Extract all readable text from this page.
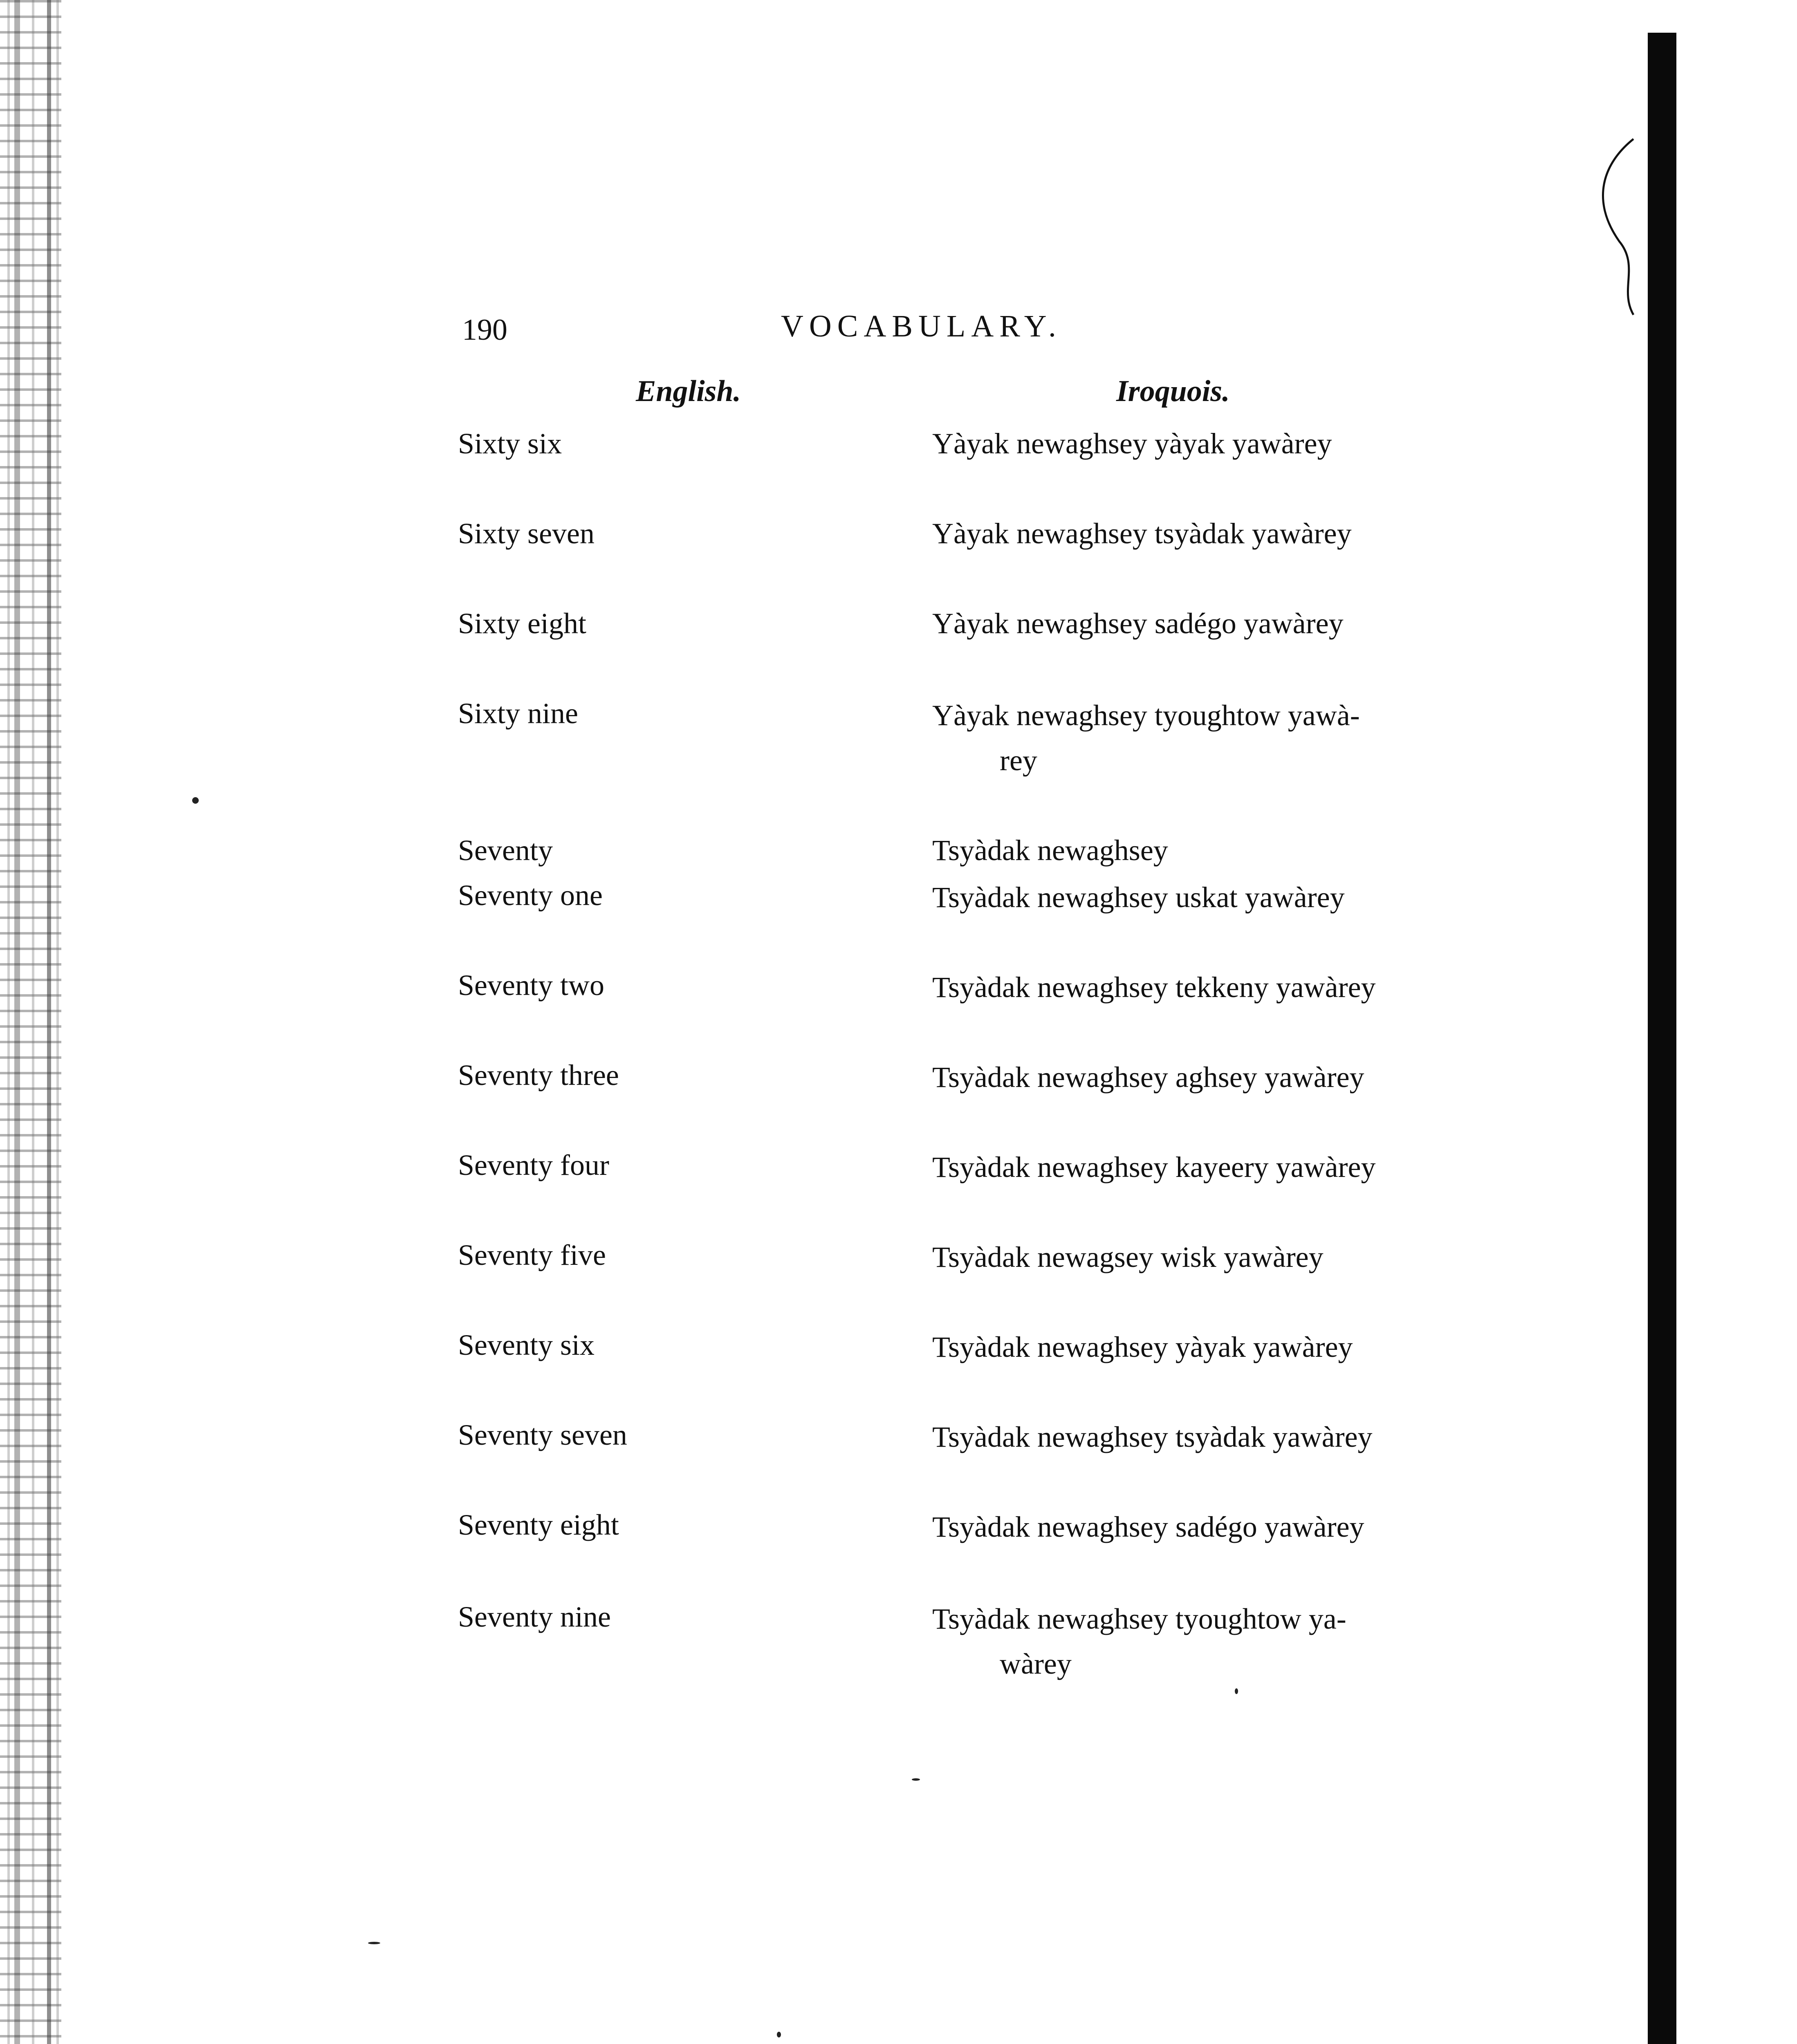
190	VOCABULARY.
English.	Iroquois.
Sixty six	Yàyak newaghsey yàyak yawàrey
Sixty seven	Yàyak newaghsey tsyàdak yawàrey
Sixty eight	Yàyak newaghsey sadégo yawàrey
Sixty nine	Yàyak newaghsey tyoughtow yawà-
rey
Seventy	Tsyàdak newaghsey
Seventy one	Tsyàdak newaghsey uskat yawàrey
Seventy two	Tsyàdak newaghsey tekkeny yawàrey
Seventy three	Tsyàdak newaghsey aghsey yawàrey
Seventy four	Tsyàdak newaghsey kayeery yawàrey
Seventy five	Tsyàdak newagsey wisk yawàrey
Seventy six	Tsyàdak newaghsey yàyak yawàrey
Seventy seven	Tsyàdak newaghsey tsyàdak yawàrey
Seventy eight	Tsyàdak newaghsey sadégo yawàrey
Seventy nine	Tsyàdak newaghsey tyoughtow ya-
wàrey
